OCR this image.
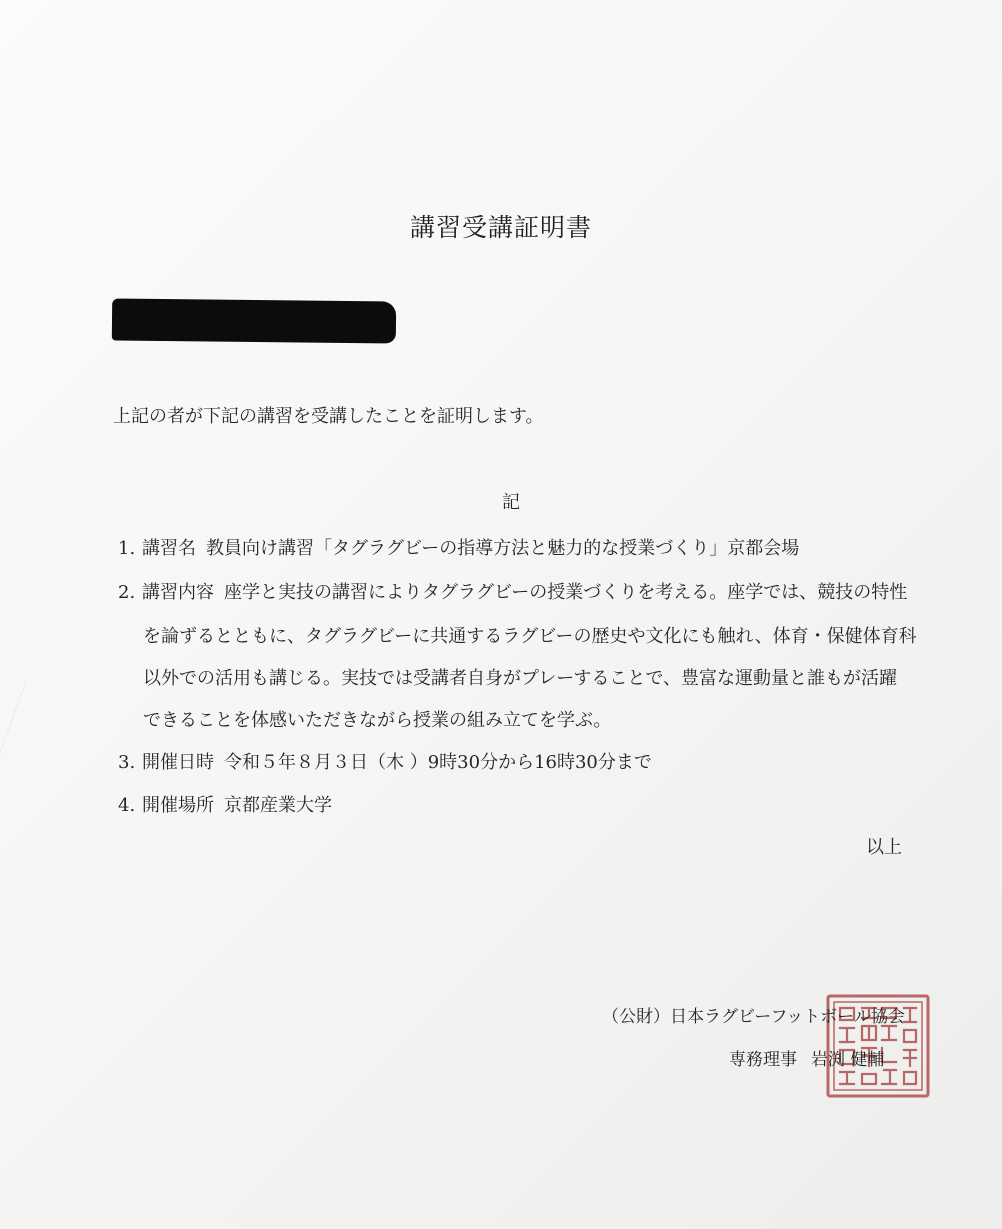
講習受講証明書
上記の者が下記の講習を受講したことを証明します。
記
1. 講習名 教員向け講習「タグラグビーの指導方法と魅力的な授業づくり」京都会場
2. 講習内容 座学と実技の講習によりタグラグビーの授業づくりを考える。座学では、競技の特性
を論ずるとともに、タグラグビーに共通するラグビーの歴史や文化にも触れ、体育・保健体育科
以外での活用も講じる。実技では受講者自身がプレーすることで、豊富な運動量と誰もが活躍
できることを体感いただきながら授業の組み立てを学ぶ。
3. 開催日時 令和５年８月３日（木 ）9時30分から16時30分まで
4. 開催場所 京都産業大学
以上
（公財）日本ラグビーフットボール協会
専務理事 岩渕 健輔
